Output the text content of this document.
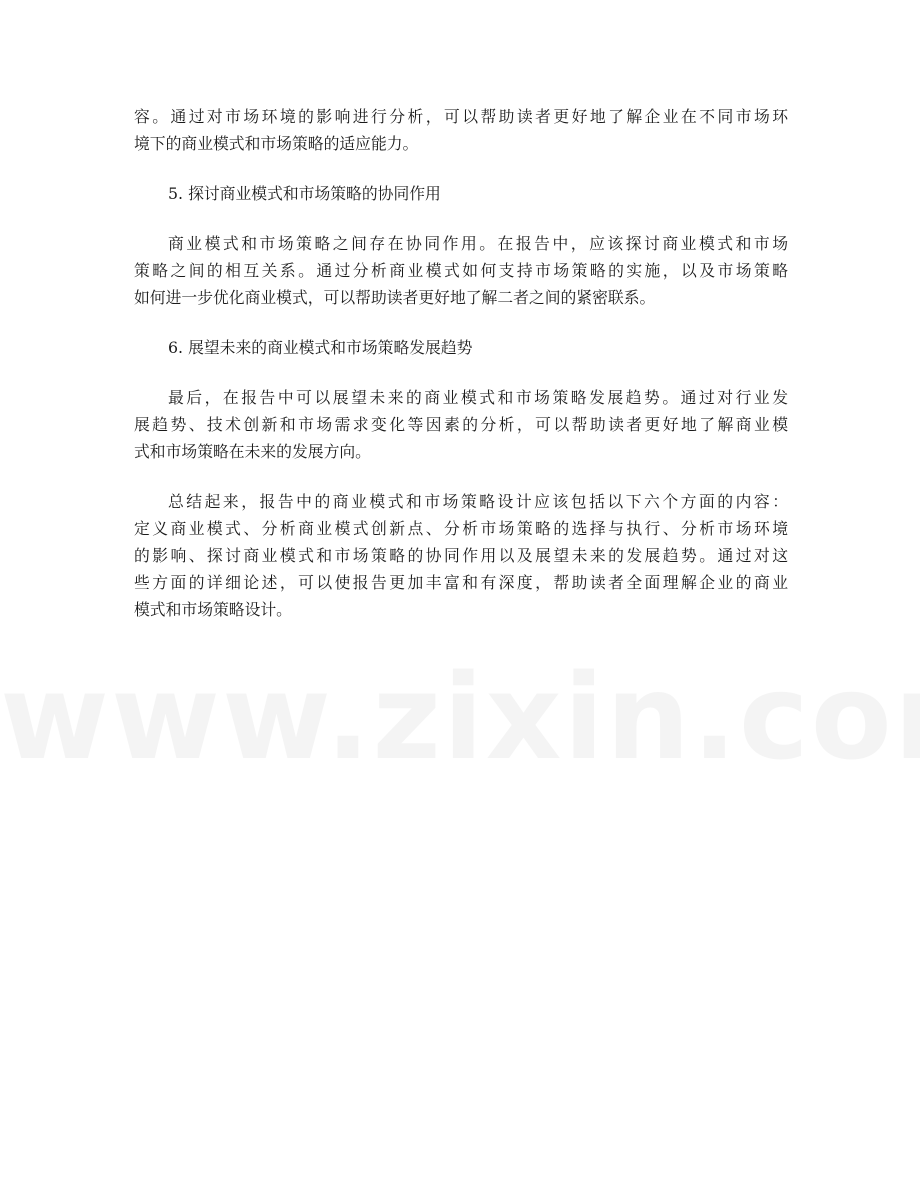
容。通过对市场环境的影响进行分析，可以帮助读者更好地了解企业在不同市场环
境下的商业模式和市场策略的适应能力。
5. 探讨商业模式和市场策略的协同作用
商业模式和市场策略之间存在协同作用。在报告中，应该探讨商业模式和市场
策略之间的相互关系。通过分析商业模式如何支持市场策略的实施，以及市场策略
如何进一步优化商业模式，可以帮助读者更好地了解二者之间的紧密联系。
6. 展望未来的商业模式和市场策略发展趋势
最后，在报告中可以展望未来的商业模式和市场策略发展趋势。通过对行业发
展趋势、技术创新和市场需求变化等因素的分析，可以帮助读者更好地了解商业模
式和市场策略在未来的发展方向。
总结起来，报告中的商业模式和市场策略设计应该包括以下六个方面的内容：
定义商业模式、分析商业模式创新点、分析市场策略的选择与执行、分析市场环境
的影响、探讨商业模式和市场策略的协同作用以及展望未来的发展趋势。通过对这
些方面的详细论述，可以使报告更加丰富和有深度，帮助读者全面理解企业的商业
模式和市场策略设计。
